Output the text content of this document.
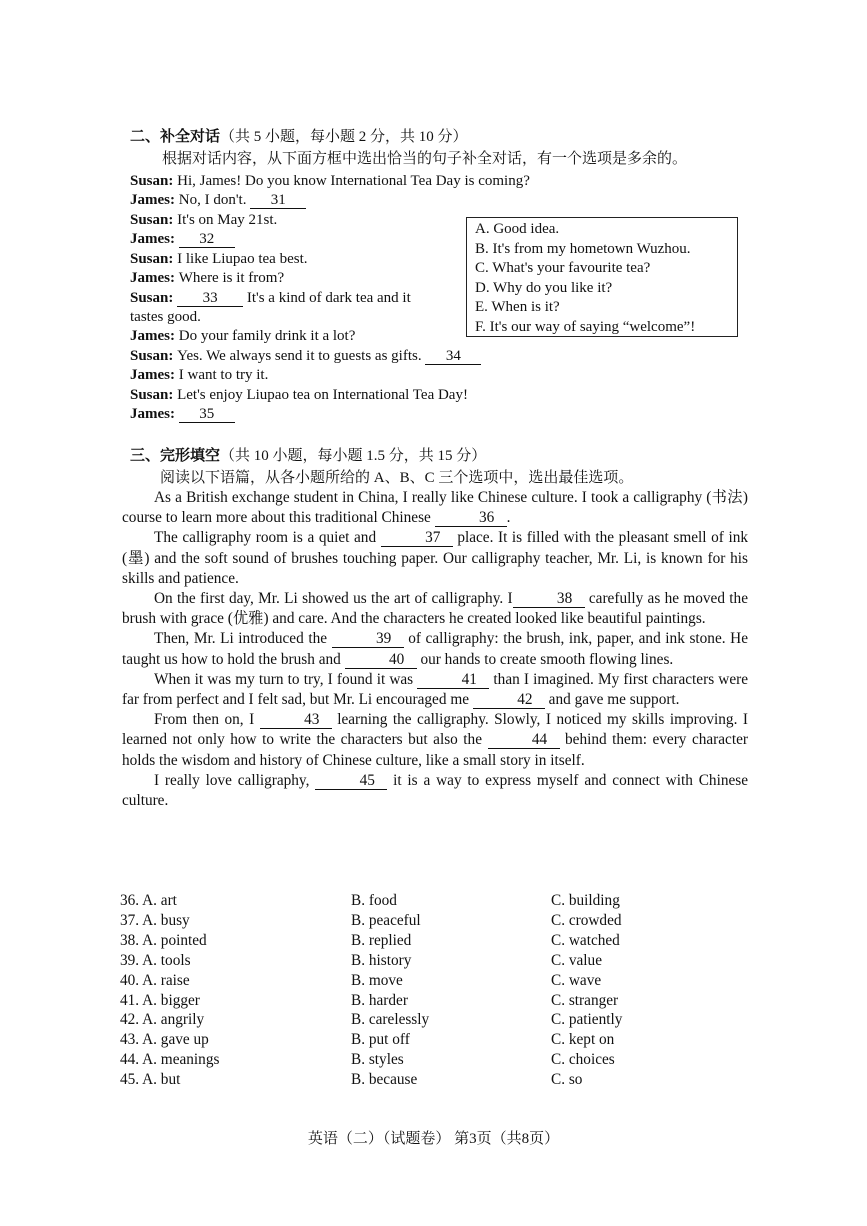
二、补全对话（共 5 小题，每小题 2 分，共 10 分）
根据对话内容，从下面方框中选出恰当的句子补全对话，有一个选项是多余的。
Susan: Hi, James! Do you know International Tea Day is coming?
James: No, I don't. 31
Susan: It's on May 21st.
James: 32
Susan: I like Liupao tea best.
James: Where is it from?
Susan: 33 It's a kind of dark tea and it
tastes good.
James: Do your family drink it a lot?
Susan: Yes. We always send it to guests as gifts. 34
James: I want to try it.
Susan: Let's enjoy Liupao tea on International Tea Day!
James: 35
A. Good idea.
B. It's from my hometown Wuzhou.
C. What's your favourite tea?
D. Why do you like it?
E. When is it?
F. It's our way of saying “welcome”!
三、完形填空（共 10 小题，每小题 1.5 分，共 15 分）
阅读以下语篇，从各小题所给的 A、B、C 三个选项中，选出最佳选项。

As a British exchange student in China, I really like Chinese culture. I took a calligraphy (书法) course to learn more about this traditional Chinese	36 .

The calligraphy room is a quiet and	37 place. It is filled with the pleasant smell of ink (墨) and the soft sound of brushes touching paper. Our calligraphy teacher, Mr. Li, is known for his skills and patience.

On the first day, Mr. Li showed us the art of calligraphy. I	38 carefully as he moved the brush with grace (优雅) and care. And the characters he created looked like beautiful paintings.

Then, Mr. Li introduced the	39 of calligraphy: the brush, ink, paper, and ink stone. He taught us how to hold the brush and	40 our hands to create smooth flowing lines.

When it was my turn to try, I found it was	41 than I imagined. My first characters were far from perfect and I felt sad, but Mr. Li encouraged me	42 and gave me support.

From then on, I	43 learning the calligraphy. Slowly, I noticed my skills improving. I learned not only how to write the characters but also the	44 behind them: every character holds the wisdom and history of Chinese culture, like a small story in itself.

I really love calligraphy,	45 it is a way to express myself and connect with Chinese culture.

36. A. art	B. food	C. building
37. A. busy	B. peaceful	C. crowded
38. A. pointed	B. replied	C. watched
39. A. tools	B. history	C. value
40. A. raise	B. move	C. wave
41. A. bigger	B. harder	C. stranger
42. A. angrily	B. carelessly	C. patiently
43. A. gave up	B. put off	C. kept on
44. A. meanings	B. styles	C. choices
45. A. but	B. because	C. so
英语（二）（试题卷） 第3页（共8页）
